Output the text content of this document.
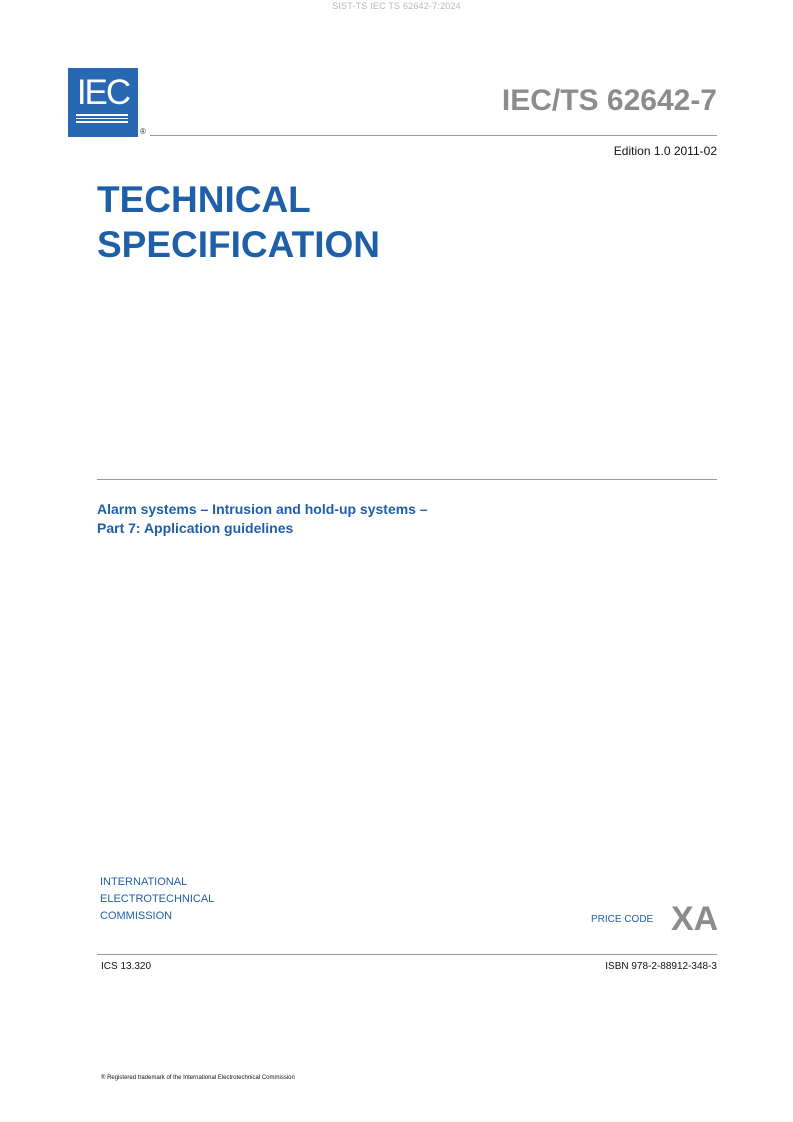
SIST-TS IEC TS 62642-7:2024
IEC
®
IEC/TS 62642-7
Edition 1.0 2011-02
TECHNICAL
SPECIFICATION
Alarm systems – Intrusion and hold-up systems –
Part 7: Application guidelines
INTERNATIONAL
ELECTROTECHNICAL
COMMISSION	PRICE CODE XA
ICS 13.320	ISBN 978-2-88912-348-3
® Registered trademark of the International Electrotechnical Commission
